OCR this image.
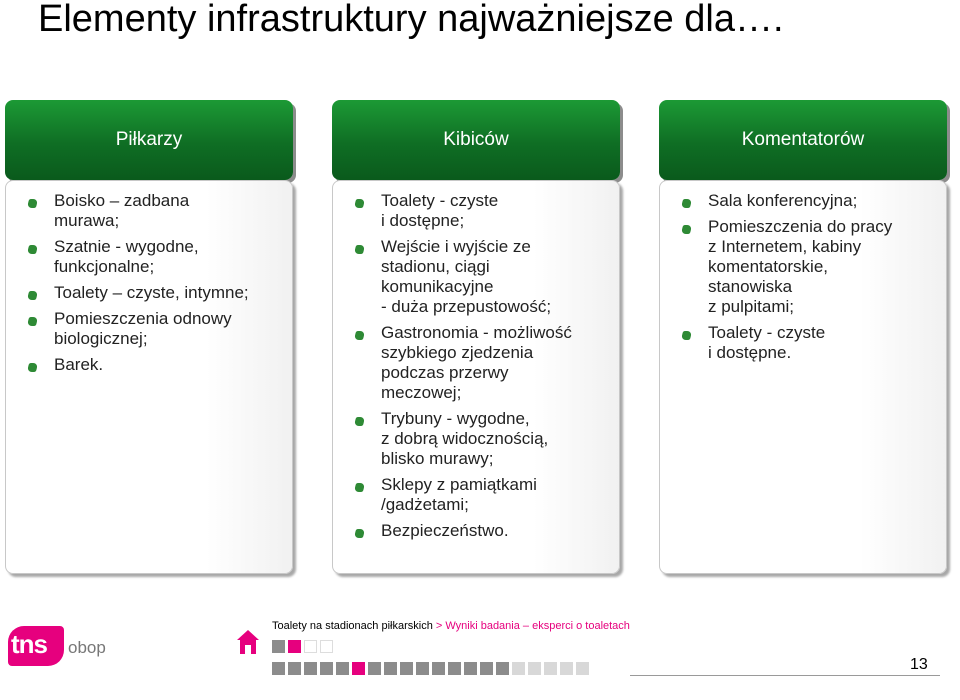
Elementy infrastruktury najważniejsze dla….
Piłkarzy
Boisko – zadbana
murawa;
Szatnie - wygodne,
funkcjonalne;
Toalety – czyste, intymne;
Pomieszczenia odnowy
biologicznej;
Barek.
Kibiców
Toalety - czyste
i dostępne;
Wejście i wyjście ze
stadionu, ciągi
komunikacyjne
- duża przepustowość;
Gastronomia - możliwość
szybkiego zjedzenia
podczas przerwy
meczowej;
Trybuny - wygodne,
z dobrą widocznością,
blisko murawy;
Sklepy z pamiątkami
/gadżetami;
Bezpieczeństwo.
Komentatorów
Sala konferencyjna;
Pomieszczenia do pracy
z Internetem, kabiny
komentatorskie,
stanowiska
z pulpitami;
Toalety - czyste
i dostępne.
tns obop
Toalety na stadionach piłkarskich > Wyniki badania – eksperci o toaletach
13
